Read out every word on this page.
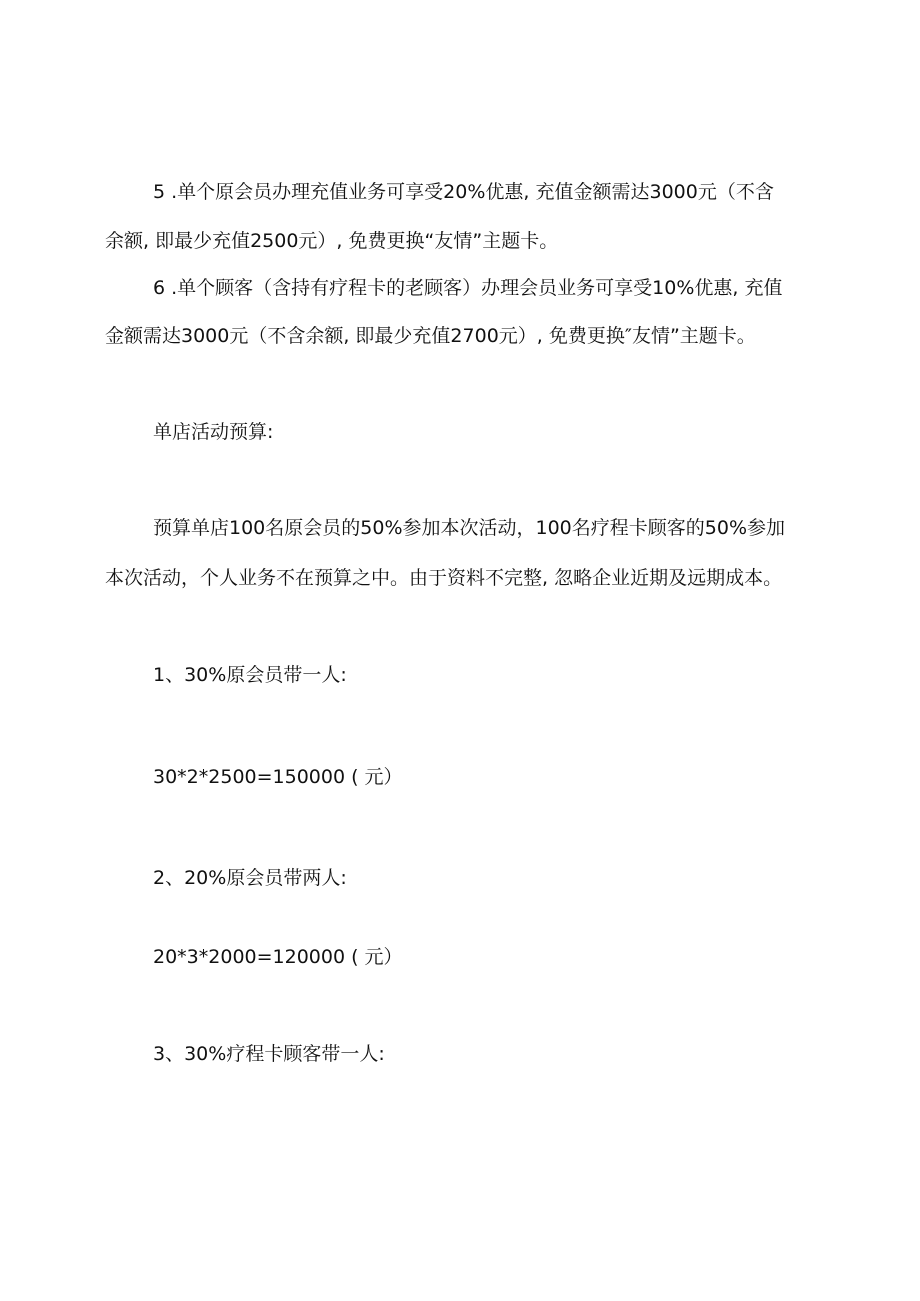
5 .单个原会员办理充值业务可享受20%优惠, 充值金额需达3000元（不含
余额, 即最少充值2500元）, 免费更换“友情”主题卡。
6 .单个顾客（含持有疗程卡的老顾客）办理会员业务可享受10%优惠, 充值
金额需达3000元（不含余额, 即最少充值2700元）, 免费更换″友情”主题卡。
单店活动预算:
预算单店100名原会员的50%参加本次活动，100名疗程卡顾客的50%参加
本次活动，个人业务不在预算之中。由于资料不完整, 忽略企业近期及远期成本。
1、30%原会员带一人:
30*2*2500=150000 ( 元）
2、20%原会员带两人:
20*3*2000=120000 ( 元）
3、30%疗程卡顾客带一人:
